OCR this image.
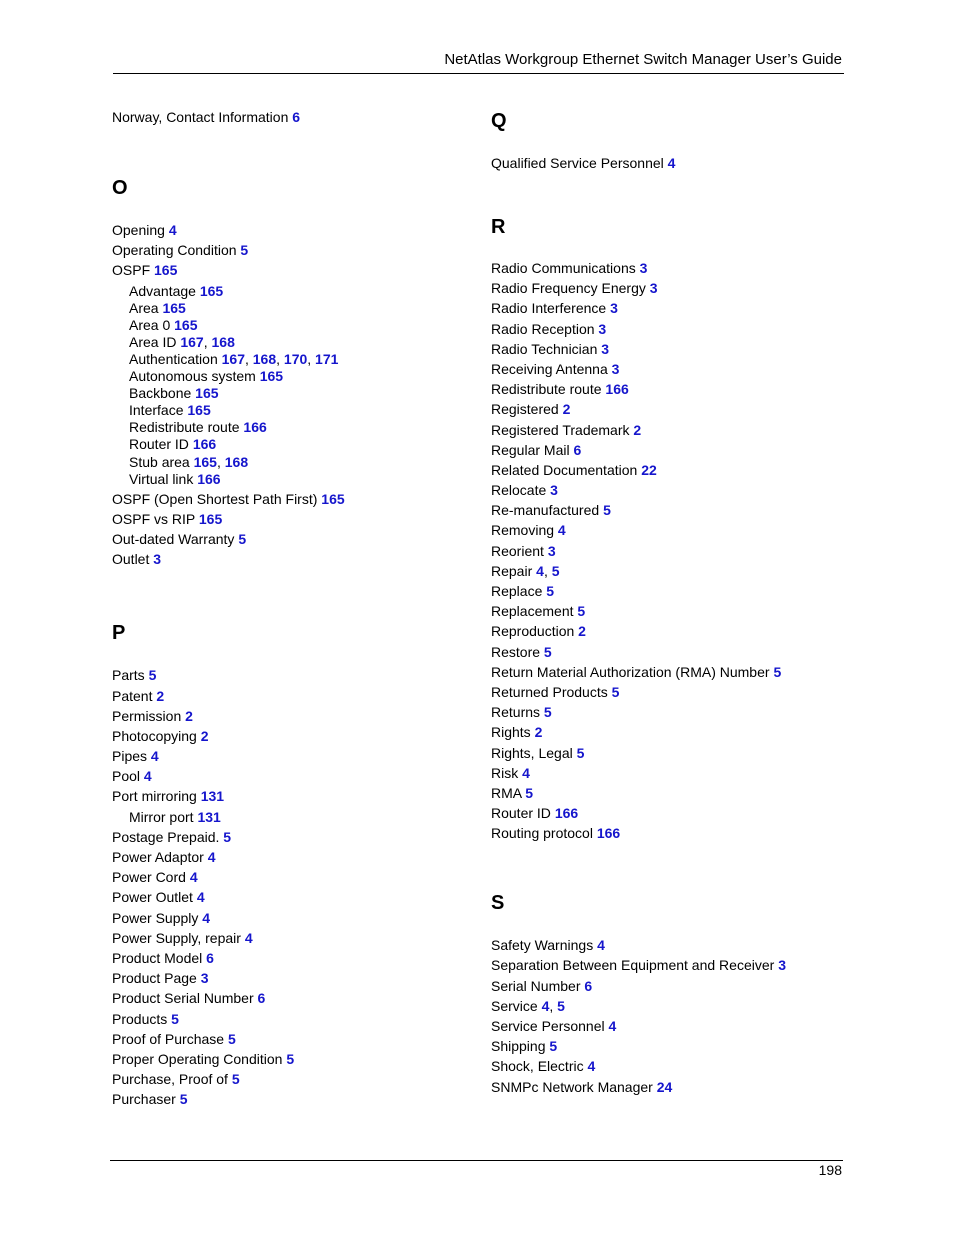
NetAtlas Workgroup Ethernet Switch Manager User’s Guide
Norway, Contact Information 6
O
Opening 4
Operating Condition 5
OSPF 165
Advantage 165
Area 165
Area 0 165
Area ID 167, 168
Authentication 167, 168, 170, 171
Autonomous system 165
Backbone 165
Interface 165
Redistribute route 166
Router ID 166
Stub area 165, 168
Virtual link 166
OSPF (Open Shortest Path First) 165
OSPF vs RIP 165
Out-dated Warranty 5
Outlet 3
P
Parts 5
Patent 2
Permission 2
Photocopying 2
Pipes 4
Pool 4
Port mirroring 131
Mirror port 131
Postage Prepaid. 5
Power Adaptor 4
Power Cord 4
Power Outlet 4
Power Supply 4
Power Supply, repair 4
Product Model 6
Product Page 3
Product Serial Number 6
Products 5
Proof of Purchase 5
Proper Operating Condition 5
Purchase, Proof of 5
Purchaser 5
Q
Qualified Service Personnel 4
R
Radio Communications 3
Radio Frequency Energy 3
Radio Interference 3
Radio Reception 3
Radio Technician 3
Receiving Antenna 3
Redistribute route 166
Registered 2
Registered Trademark 2
Regular Mail 6
Related Documentation 22
Relocate 3
Re-manufactured 5
Removing 4
Reorient 3
Repair 4, 5
Replace 5
Replacement 5
Reproduction 2
Restore 5
Return Material Authorization (RMA) Number 5
Returned Products 5
Returns 5
Rights 2
Rights, Legal 5
Risk 4
RMA 5
Router ID 166
Routing protocol 166
S
Safety Warnings 4
Separation Between Equipment and Receiver 3
Serial Number 6
Service 4, 5
Service Personnel 4
Shipping 5
Shock, Electric 4
SNMPc Network Manager 24
198
